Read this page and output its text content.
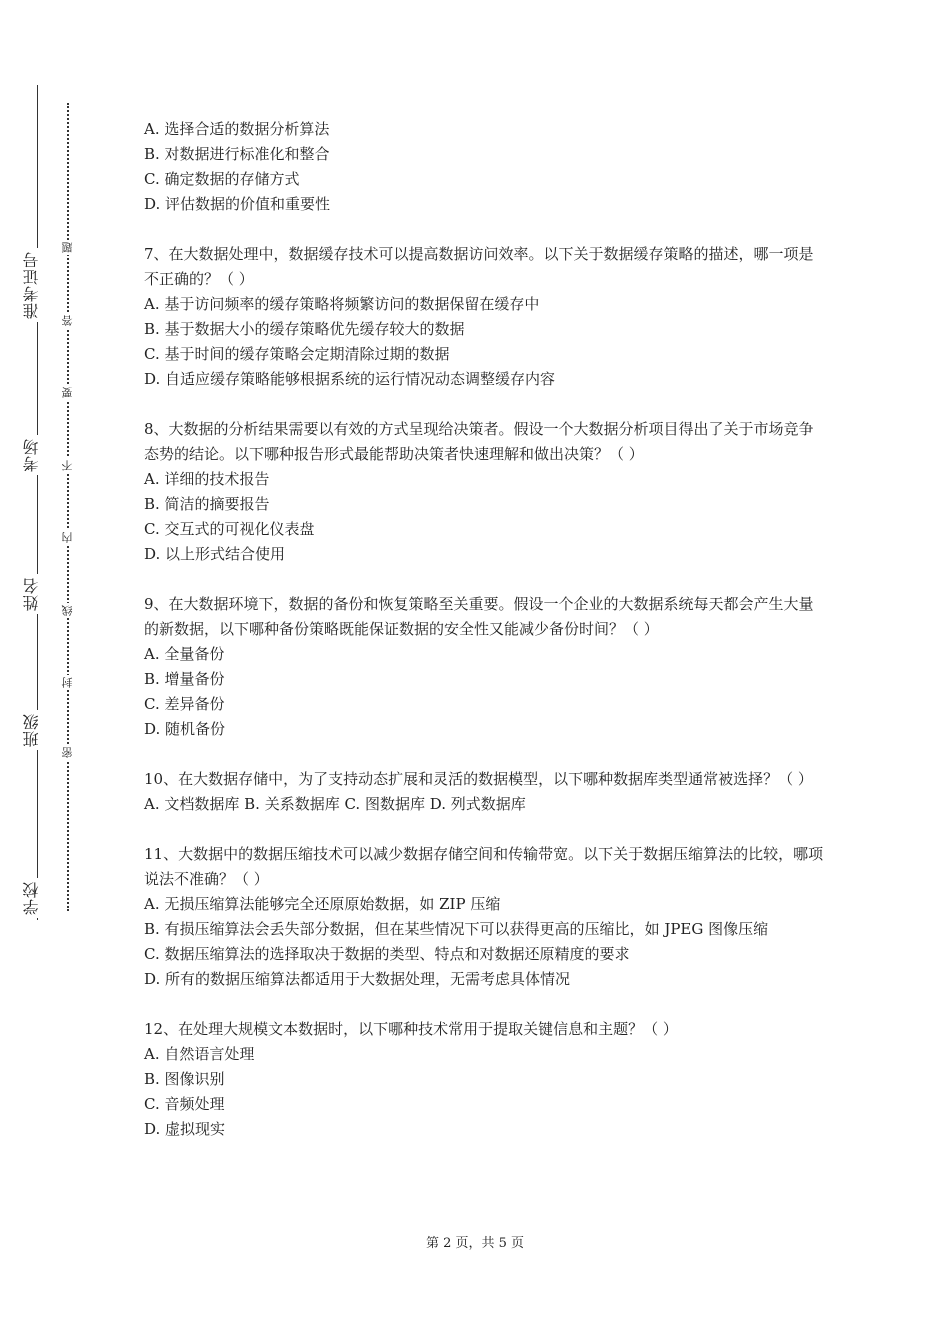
准考证号
考场
姓名
班级
学校
题
答
要
不
内
线
封
密
A. 选择合适的数据分析算法
B. 对数据进行标准化和整合
C. 确定数据的存储方式
D. 评估数据的价值和重要性
7、在大数据处理中，数据缓存技术可以提高数据访问效率。以下关于数据缓存策略的描述，哪一项是不正确的？（ ）
A. 基于访问频率的缓存策略将频繁访问的数据保留在缓存中
B. 基于数据大小的缓存策略优先缓存较大的数据
C. 基于时间的缓存策略会定期清除过期的数据
D. 自适应缓存策略能够根据系统的运行情况动态调整缓存内容
8、大数据的分析结果需要以有效的方式呈现给决策者。假设一个大数据分析项目得出了关于市场竞争态势的结论。以下哪种报告形式最能帮助决策者快速理解和做出决策？（ ）
A. 详细的技术报告
B. 简洁的摘要报告
C. 交互式的可视化仪表盘
D. 以上形式结合使用
9、在大数据环境下，数据的备份和恢复策略至关重要。假设一个企业的大数据系统每天都会产生大量的新数据，以下哪种备份策略既能保证数据的安全性又能减少备份时间？（ ）
A. 全量备份
B. 增量备份
C. 差异备份
D. 随机备份
10、在大数据存储中，为了支持动态扩展和灵活的数据模型，以下哪种数据库类型通常被选择？（ ）
A. 文档数据库 B. 关系数据库 C. 图数据库 D. 列式数据库
11、大数据中的数据压缩技术可以减少数据存储空间和传输带宽。以下关于数据压缩算法的比较，哪项说法不准确？（ ）
A. 无损压缩算法能够完全还原原始数据，如 ZIP 压缩
B. 有损压缩算法会丢失部分数据，但在某些情况下可以获得更高的压缩比，如 JPEG 图像压缩
C. 数据压缩算法的选择取决于数据的类型、特点和对数据还原精度的要求
D. 所有的数据压缩算法都适用于大数据处理，无需考虑具体情况
12、在处理大规模文本数据时，以下哪种技术常用于提取关键信息和主题？（ ）
A. 自然语言处理
B. 图像识别
C. 音频处理
D. 虚拟现实
第 2 页，共 5 页
